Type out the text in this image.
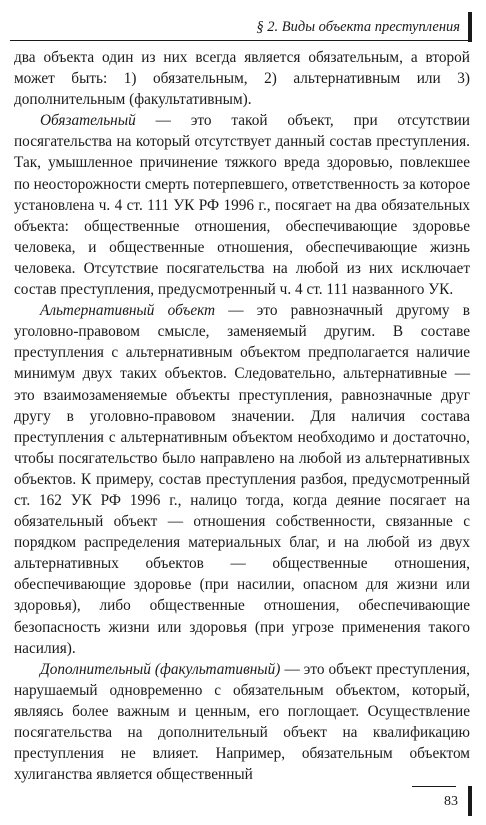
§ 2. Виды объекта преступления

два объекта один из них всегда является обязательным, а второй может быть: 1) обязательным, 2) альтернативным или 3) дополнительным (факультативным).

Обязательный — это такой объект, при отсутствии посягательства на который отсутствует данный состав преступления. Так, умышленное причинение тяжкого вреда здоровью, повлекшее по неосторожности смерть потерпевшего, ответственность за которое установлена ч. 4 ст. 111 УК РФ 1996 г., посягает на два обязательных объекта: общественные отношения, обеспечивающие здоровье человека, и общественные отношения, обеспечивающие жизнь человека. Отсутствие посягательства на любой из них исключает состав преступления, предусмотренный ч. 4 ст. 111 названного УК.

Альтернативный объект — это равнозначный другому в уголовно-правовом смысле, заменяемый другим. В составе преступления с альтернативным объектом предполагается наличие минимум двух таких объектов. Следовательно, альтернативные — это взаимозаменяемые объекты преступления, равнозначные друг другу в уголовно-правовом значении. Для наличия состава преступления с альтернативным объектом необходимо и достаточно, чтобы посягательство было направлено на любой из альтернативных объектов. К примеру, состав преступления разбоя, предусмотренный ст. 162 УК РФ 1996 г., налицо тогда, когда деяние посягает на обязательный объект — отношения собственности, связанные с порядком распределения материальных благ, и на любой из двух альтернативных объектов — общественные отношения, обеспечивающие здоровье (при насилии, опасном для жизни или здоровья), либо общественные отношения, обеспечивающие безопасность жизни или здоровья (при угрозе применения такого насилия).

Дополнительный (факультативный) — это объект преступления, нарушаемый одновременно с обязательным объектом, который, являясь более важным и ценным, его поглощает. Осуществление посягательства на дополнительный объект на квалификацию преступления не влияет. Например, обязательным объектом хулиганства является общественный

83
